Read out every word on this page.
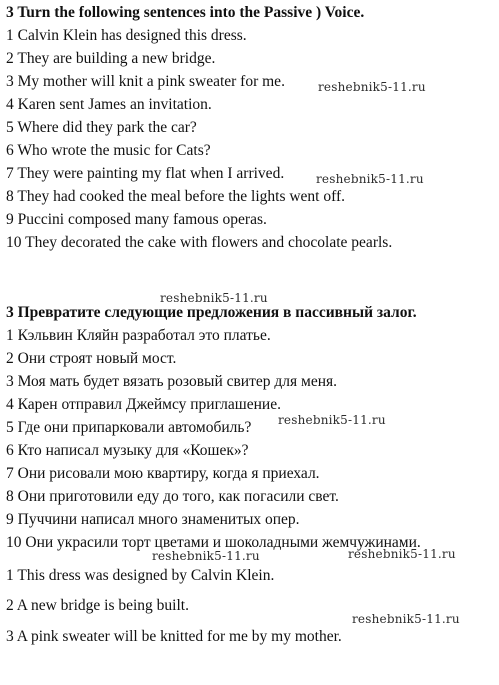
3 Turn the following sentences into the Passive ) Voice.
1 Calvin Klein has designed this dress.
2 They are building a new bridge.
3 My mother will knit a pink sweater for me.
4 Karen sent James an invitation.
5 Where did they park the car?
6 Who wrote the music for Cats?
7 They were painting my flat when I arrived.
8 They had cooked the meal before the lights went off.
9 Puccini composed many famous operas.
10 They decorated the cake with flowers and chocolate pearls.
3 Превратите следующие предложения в пассивный залог.
1 Кэльвин Кляйн разработал это платье.
2 Они строят новый мост.
3 Моя мать будет вязать розовый свитер для меня.
4 Карен отправил Джеймсу приглашение.
5 Где они припарковали автомобиль?
6 Кто написал музыку для «Кошек»?
7 Они рисовали мою квартиру, когда я приехал.
8 Они приготовили еду до того, как погасили свет.
9 Пуччини написал много знаменитых опер.
10 Они украсили торт цветами и шоколадными жемчужинами.
1 This dress was designed by Calvin Klein.
2 A new bridge is being built.
3 A pink sweater will be knitted for me by my mother.
reshebnik5-11.ru
reshebnik5-11.ru
reshebnik5-11.ru
reshebnik5-11.ru
reshebnik5-11.ru	reshebnik5-11.ru
reshebnik5-11.ru
